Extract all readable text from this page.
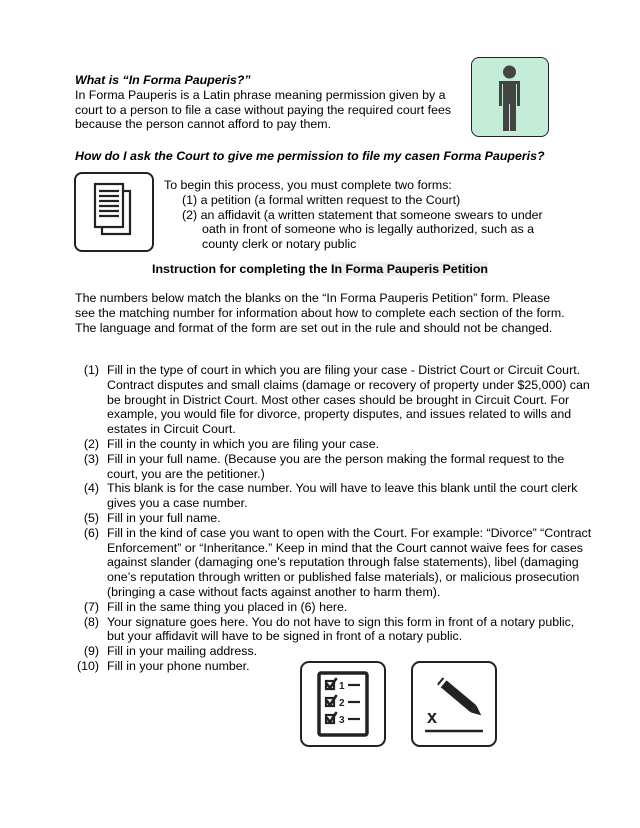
What is “In Forma Pauperis?”
In Forma Pauperis is a Latin phrase meaning permission given by a court to a person to file a case without paying the required court fees because the person cannot afford to pay them.
How do I ask the Court to give me permission to file my casen Forma Pauperis?
To begin this process, you must complete two forms:
(1) a petition (a formal written request to the Court)
(2) an affidavit (a written statement that someone swears to under oath in front of someone who is legally authorized, such as a county clerk or notary public
Instruction for completing the In Forma Pauperis Petition
The numbers below match the blanks on the “In Forma Pauperis Petition” form. Please see the matching number for information about how to complete each section of the form. The language and format of the form are set out in the rule and should not be changed.
(1) Fill in the type of court in which you are filing your case - District Court or Circuit Court. Contract disputes and small claims (damage or recovery of property under $25,000) can be brought in District Court. Most other cases should be brought in Circuit Court. For example, you would file for divorce, property disputes, and issues related to wills and estates in Circuit Court.
(2) Fill in the county in which you are filing your case.
(3) Fill in your full name. (Because you are the person making the formal request to the court, you are the petitioner.)
(4) This blank is for the case number. You will have to leave this blank until the court clerk gives you a case number.
(5) Fill in your full name.
(6) Fill in the kind of case you want to open with the Court. For example: “Divorce” “Contract Enforcement” or “Inheritance.” Keep in mind that the Court cannot waive fees for cases against slander (damaging one’s reputation through false statements), libel (damaging one’s reputation through written or published false materials), or malicious prosecution (bringing a case without facts against another to harm them).
(7) Fill in the same thing you placed in (6) here.
(8) Your signature goes here. You do not have to sign this form in front of a notary public, but your affidavit will have to be signed in front of a notary public.
(9) Fill in your mailing address.
(10) Fill in your phone number.
1
2
3	x
